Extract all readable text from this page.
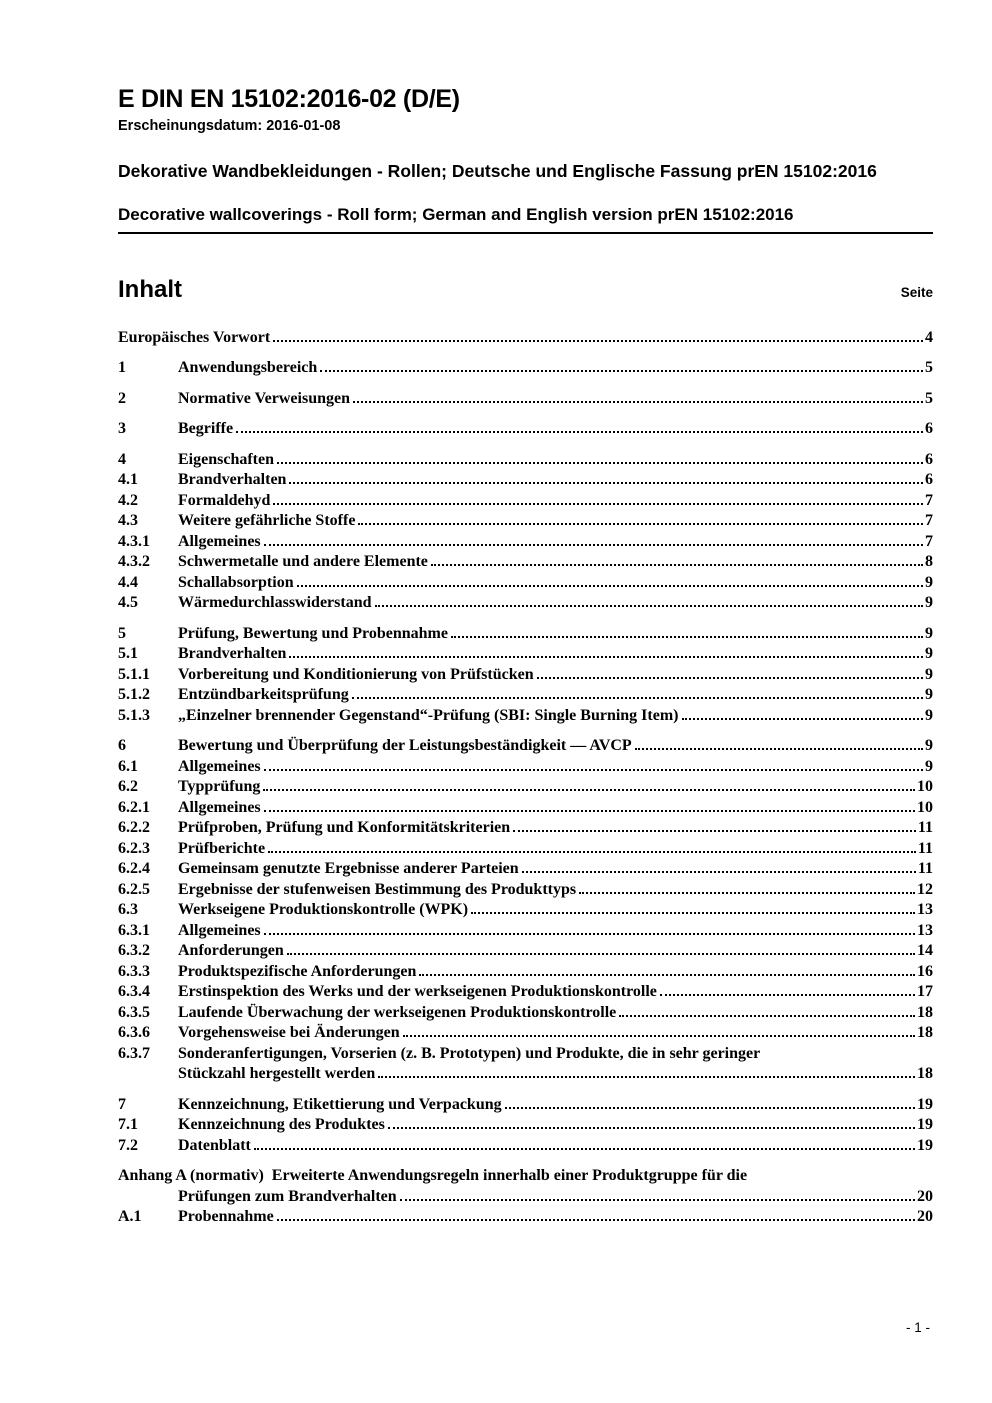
E DIN EN 15102:2016-02 (D/E)
Erscheinungsdatum: 2016-01-08
Dekorative Wandbekleidungen - Rollen; Deutsche und Englische Fassung prEN 15102:2016
Decorative wallcoverings - Roll form; German and English version prEN 15102:2016
Inhalt	Seite
Europäisches Vorwort	4
1	Anwendungsbereich	5
2	Normative Verweisungen	5
3	Begriffe	6
4	Eigenschaften	6
4.1	Brandverhalten	6
4.2	Formaldehyd	7
4.3	Weitere gefährliche Stoffe	7
4.3.1	Allgemeines	7
4.3.2	Schwermetalle und andere Elemente	8
4.4	Schallabsorption	9
4.5	Wärmedurchlasswiderstand	9
5	Prüfung, Bewertung und Probennahme	9
5.1	Brandverhalten	9
5.1.1	Vorbereitung und Konditionierung von Prüfstücken	9
5.1.2	Entzündbarkeitsprüfung	9
5.1.3	„Einzelner brennender Gegenstand“-Prüfung (SBI: Single Burning Item)	9
6	Bewertung und Überprüfung der Leistungsbeständigkeit — AVCP	9
6.1	Allgemeines	9
6.2	Typprüfung	10
6.2.1	Allgemeines	10
6.2.2	Prüfproben, Prüfung und Konformitätskriterien	11
6.2.3	Prüfberichte	11
6.2.4	Gemeinsam genutzte Ergebnisse anderer Parteien	11
6.2.5	Ergebnisse der stufenweisen Bestimmung des Produkttyps	12
6.3	Werkseigene Produktionskontrolle (WPK)	13
6.3.1	Allgemeines	13
6.3.2	Anforderungen	14
6.3.3	Produktspezifische Anforderungen	16
6.3.4	Erstinspektion des Werks und der werkseigenen Produktionskontrolle	17
6.3.5	Laufende Überwachung der werkseigenen Produktionskontrolle	18
6.3.6	Vorgehensweise bei Änderungen	18
6.3.7	Sonderanfertigungen, Vorserien (z. B. Prototypen) und Produkte, die in sehr geringer
Stückzahl hergestellt werden	18
7	Kennzeichnung, Etikettierung und Verpackung	19
7.1	Kennzeichnung des Produktes	19
7.2	Datenblatt	19
Anhang A (normativ) Erweiterte Anwendungsregeln innerhalb einer Produktgruppe für die
Prüfungen zum Brandverhalten	20
A.1	Probennahme	20
- 1 -
